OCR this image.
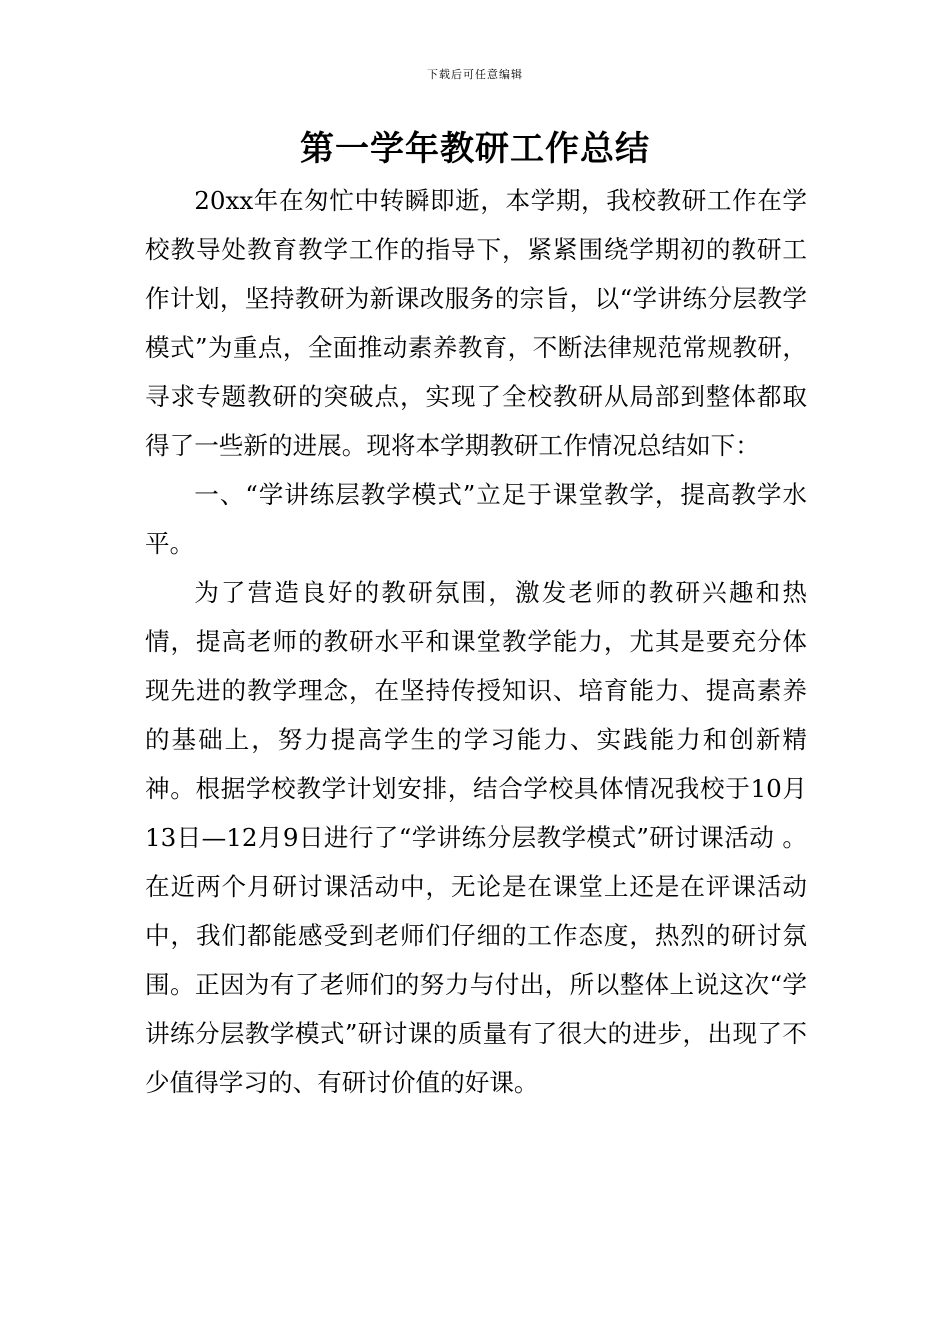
下载后可任意编辑
第一学年教研工作总结

20xx年在匆忙中转瞬即逝，本学期，我校教研工作在学校教导处教育教学工作的指导下，紧紧围绕学期初的教研工作计划，坚持教研为新课改服务的宗旨，以“学讲练分层教学模式”为重点，全面推动素养教育，不断法律规范常规教研，寻求专题教研的突破点，实现了全校教研从局部到整体都取得了一些新的进展。现将本学期教研工作情况总结如下：

一、“学讲练层教学模式”立足于课堂教学，提高教学水平。

为了营造良好的教研氛围，激发老师的教研兴趣和热情，提高老师的教研水平和课堂教学能力，尤其是要充分体现先进的教学理念，在坚持传授知识、培育能力、提高素养的基础上，努力提高学生的学习能力、实践能力和创新精神。根据学校教学计划安排，结合学校具体情况我校于10月13日—12月9日进行了“学讲练分层教学模式”研讨课活动 。在近两个月研讨课活动中，无论是在课堂上还是在评课活动中，我们都能感受到老师们仔细的工作态度，热烈的研讨氛围。正因为有了老师们的努力与付出，所以整体上说这次“学讲练分层教学模式”研讨课的质量有了很大的进步，出现了不少值得学习的、有研讨价值的好课。
